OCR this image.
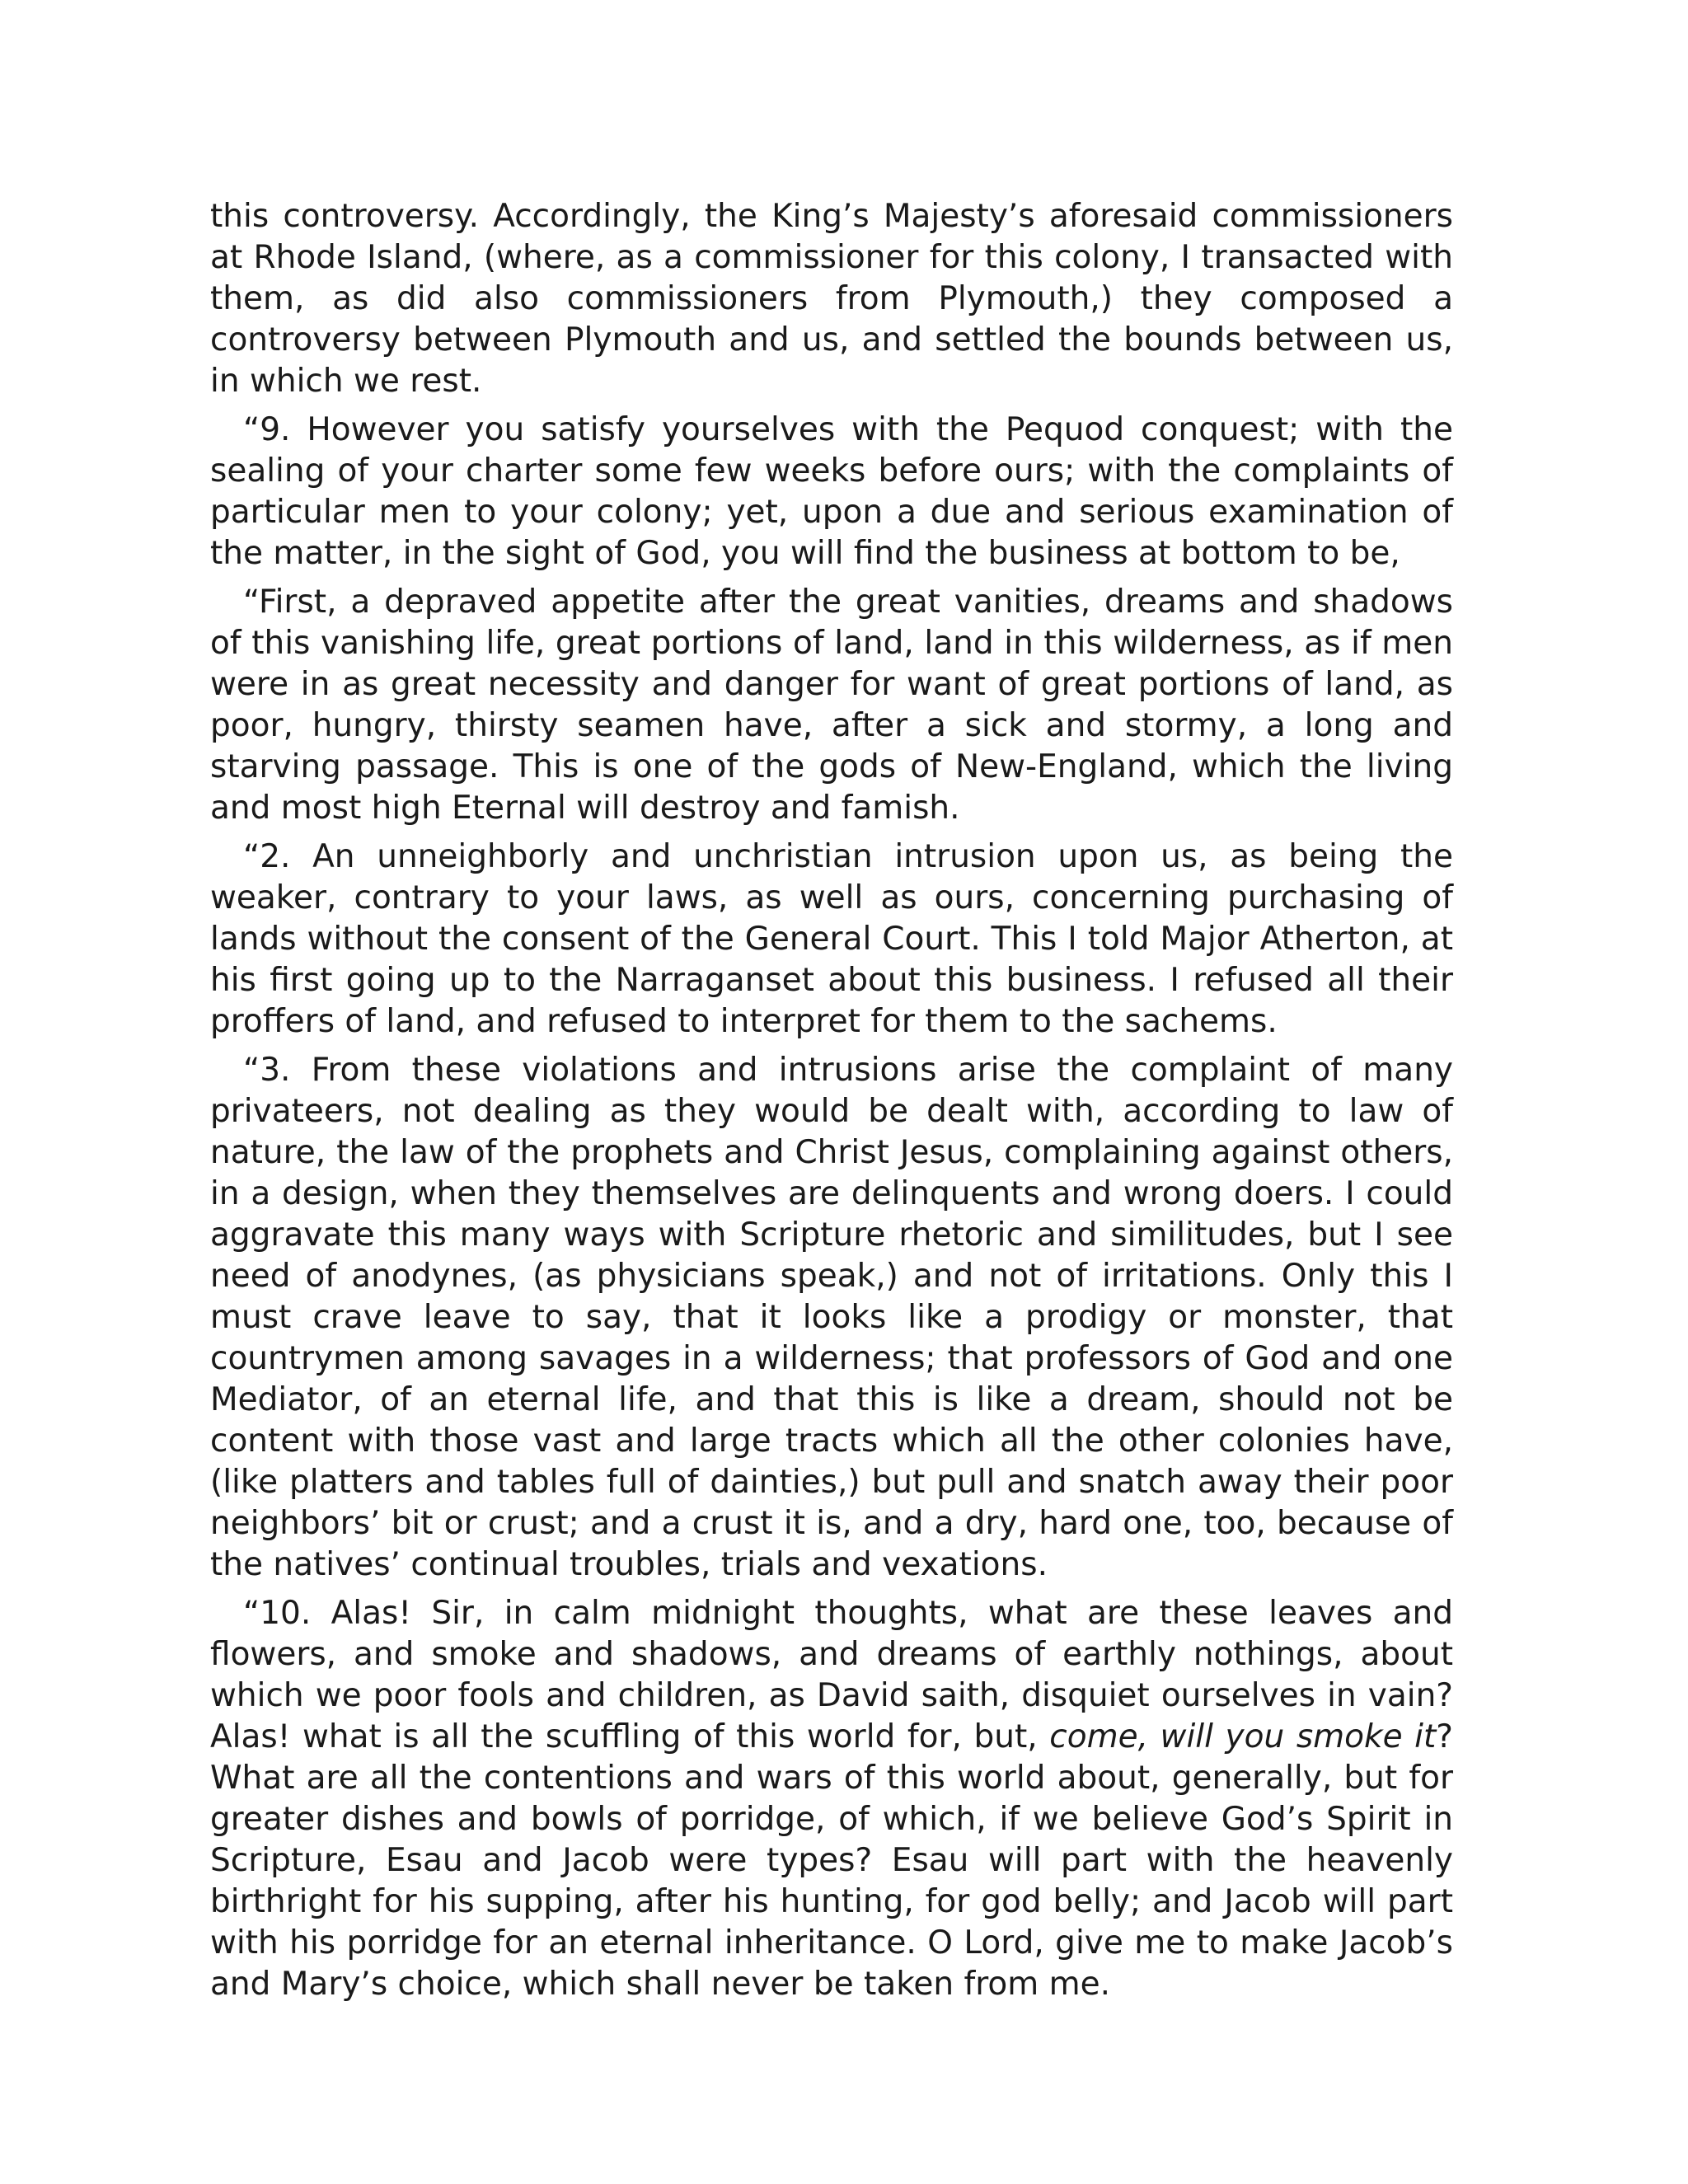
this controversy. Accordingly, the King’s Majesty’s aforesaid commissioners at Rhode Island, (where, as a commissioner for this colony, I transacted with them, as did also commissioners from Plymouth,) they composed a controversy between Plymouth and us, and settled the bounds between us, in which we rest.

“9. However you satisfy yourselves with the Pequod conquest; with the sealing of your charter some few weeks before ours; with the complaints of particular men to your colony; yet, upon a due and serious examination of the matter, in the sight of God, you will find the business at bottom to be,

“First, a depraved appetite after the great vanities, dreams and shadows of this vanishing life, great portions of land, land in this wilderness, as if men were in as great necessity and danger for want of great portions of land, as poor, hungry, thirsty seamen have, after a sick and stormy, a long and starving passage. This is one of the gods of New-England, which the living and most high Eternal will destroy and famish.

“2. An unneighborly and unchristian intrusion upon us, as being the weaker, contrary to your laws, as well as ours, concerning purchasing of lands without the consent of the General Court. This I told Major Atherton, at his first going up to the Narraganset about this business. I refused all their proffers of land, and refused to interpret for them to the sachems.

“3. From these violations and intrusions arise the complaint of many privateers, not dealing as they would be dealt with, according to law of nature, the law of the prophets and Christ Jesus, complaining against others, in a design, when they themselves are delinquents and wrong doers. I could aggravate this many ways with Scripture rhetoric and similitudes, but I see need of anodynes, (as physicians speak,) and not of irritations. Only this I must crave leave to say, that it looks like a prodigy or monster, that countrymen among savages in a wilderness; that professors of God and one Mediator, of an eternal life, and that this is like a dream, should not be content with those vast and large tracts which all the other colonies have, (like platters and tables full of dainties,) but pull and snatch away their poor neighbors’ bit or crust; and a crust it is, and a dry, hard one, too, because of the natives’ continual troubles, trials and vexations.

“10. Alas! Sir, in calm midnight thoughts, what are these leaves and flowers, and smoke and shadows, and dreams of earthly nothings, about which we poor fools and children, as David saith, disquiet ourselves in vain? Alas! what is all the scuffling of this world for, but, come, will you smoke it? What are all the contentions and wars of this world about, generally, but for greater dishes and bowls of porridge, of which, if we believe God’s Spirit in Scripture, Esau and Jacob were types? Esau will part with the heavenly birthright for his supping, after his hunting, for god belly; and Jacob will part with his porridge for an eternal inheritance. O Lord, give me to make Jacob’s and Mary’s choice, which shall never be taken from me.
